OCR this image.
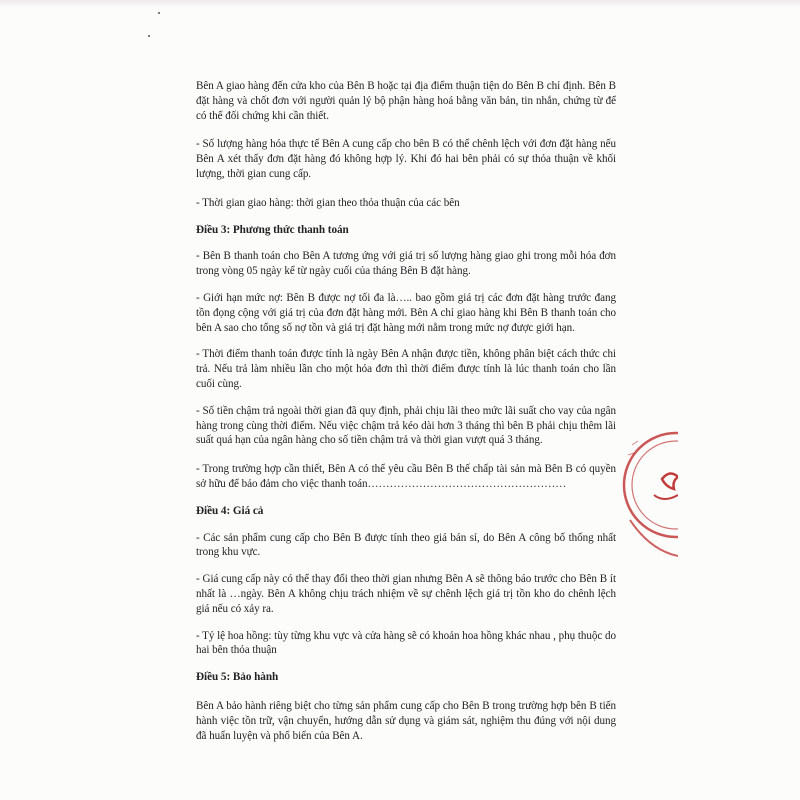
Bên A giao hàng đến cửa kho của Bên B hoặc tại địa điểm thuận tiện do Bên B chỉ định. Bên B đặt hàng và chốt đơn với người quản lý bộ phận hàng hoá bằng văn bản, tin nhắn, chứng từ để có thể đối chứng khi cần thiết.

- Số lượng hàng hóa thực tế Bên A cung cấp cho bên B có thể chênh lệch với đơn đặt hàng nếu Bên A xét thấy đơn đặt hàng đó không hợp lý. Khi đó hai bên phải có sự thỏa thuận về khối lượng, thời gian cung cấp.

- Thời gian giao hàng: thời gian theo thỏa thuận của các bên

Điều 3: Phương thức thanh toán

- Bên B thanh toán cho Bên A tương ứng với giá trị số lượng hàng giao ghi trong mỗi hóa đơn trong vòng 05 ngày kể từ ngày cuối của tháng Bên B đặt hàng.

- Giới hạn mức nợ: Bên B được nợ tối đa là….. bao gồm giá trị các đơn đặt hàng trước đang tồn đọng cộng với giá trị của đơn đặt hàng mới. Bên A chỉ giao hàng khi Bên B thanh toán cho bên A sao cho tổng số nợ tồn và giá trị đặt hàng mới nằm trong mức nợ được giới hạn.

- Thời điểm thanh toán được tính là ngày Bên A nhận được tiền, không phân biệt cách thức chi trả. Nếu trả làm nhiều lần cho một hóa đơn thì thời điểm được tính là lúc thanh toán cho lần cuối cùng.

- Số tiền chậm trả ngoài thời gian đã quy định, phải chịu lãi theo mức lãi suất cho vay của ngân hàng trong cùng thời điểm. Nếu việc chậm trả kéo dài hơn 3 tháng thì bên B phải chịu thêm lãi suất quá hạn của ngân hàng cho số tiền chậm trả và thời gian vượt quá 3 tháng.

- Trong trường hợp cần thiết, Bên A có thể yêu cầu Bên B thế chấp tài sản mà Bên B có quyền sở hữu để bảo đảm cho việc thanh toán………………………………………………

Điều 4: Giá cả

- Các sản phẩm cung cấp cho Bên B được tính theo giá bán sỉ, do Bên A công bố thống nhất trong khu vực.

- Giá cung cấp này có thể thay đổi theo thời gian nhưng Bên A sẽ thông báo trước cho Bên B ít nhất là …ngày. Bên A không chịu trách nhiệm về sự chênh lệch giá trị tồn kho do chênh lệch giá nếu có xảy ra.

- Tỷ lệ hoa hồng: tùy từng khu vực và cửa hàng sẽ có khoản hoa hồng khác nhau , phụ thuộc do hai bên thỏa thuận

Điều 5: Bảo hành

Bên A bảo hành riêng biệt cho từng sản phẩm cung cấp cho Bên B trong trường hợp bên B tiến hành việc tồn trữ, vận chuyển, hướng dẫn sử dụng và giám sát, nghiệm thu đúng với nội dung đã huấn luyện và phổ biến của Bên A.
